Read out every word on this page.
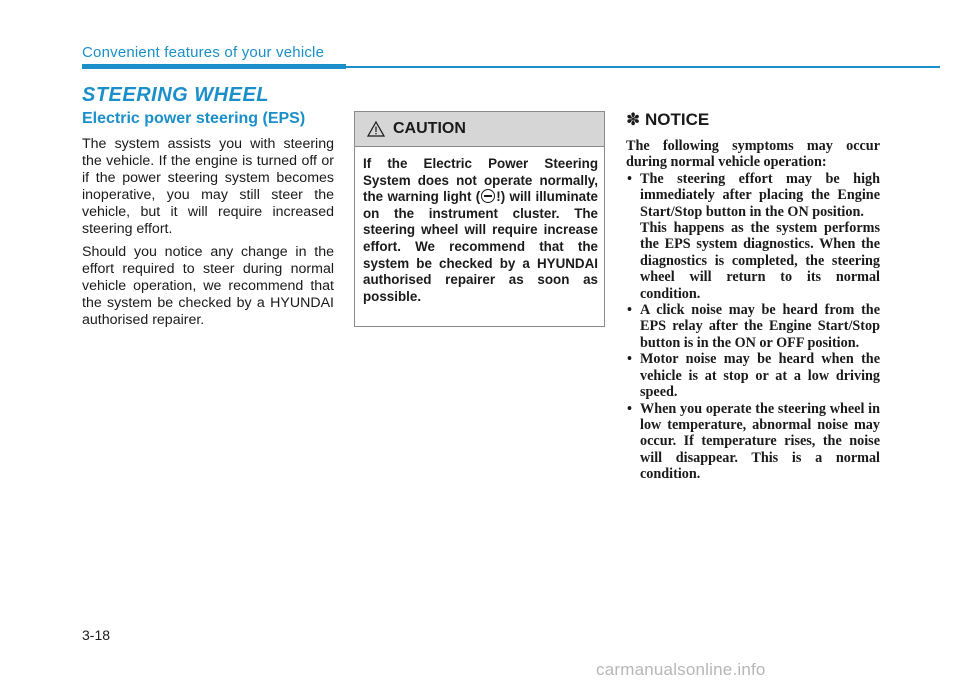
Convenient features of your vehicle
STEERING WHEEL
Electric power steering (EPS)

The system assists you with steering the vehicle. If the engine is turned off or if the power steering system becomes inoperative, you may still steer the vehicle, but it will require increased steering effort.

Should you notice any change in the effort required to steer during normal vehicle operation, we recommend that the system be checked by a HYUNDAI authorised repairer.

CAUTION
If the Electric Power Steering System does not operate normally, the warning light ( !) will illuminate on the instrument cluster. The steering wheel will require increase effort. We recommend that the system be checked by a HYUNDAI authorised repairer as soon as possible.
✽ NOTICE

The following symptoms may occur during normal vehicle operation:

• The steering effort may be high immediately after placing the Engine Start/Stop button in the ON position.
This happens as the system performs the EPS system diagnostics. When the diagnostics is completed, the steering wheel will return to its normal condition.
• A click noise may be heard from the EPS relay after the Engine Start/Stop button is in the ON or OFF position.
• Motor noise may be heard when the vehicle is at stop or at a low driving speed.
• When you operate the steering wheel in low temperature, abnormal noise may occur. If temperature rises, the noise will disappear. This is a normal condition.
3-18
carmanualsonline.info
